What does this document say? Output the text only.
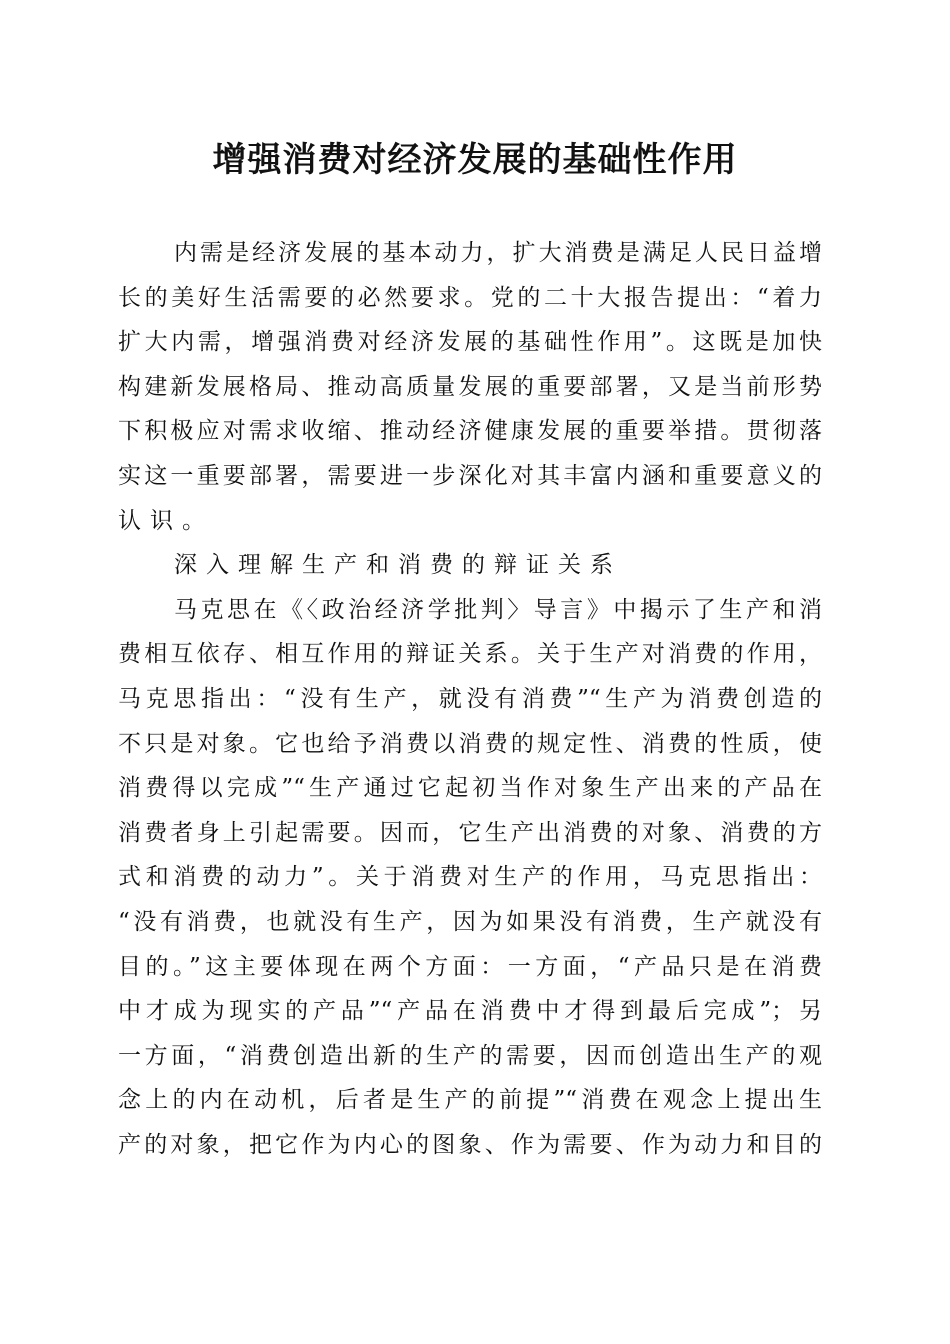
增强消费对经济发展的基础性作用
内需是经济发展的基本动力，扩大消费是满足人民日益增
长的美好生活需要的必然要求。党的二十大报告提出：“着力
扩大内需，增强消费对经济发展的基础性作用”。这既是加快
构建新发展格局、推动高质量发展的重要部署，又是当前形势
下积极应对需求收缩、推动经济健康发展的重要举措。贯彻落
实这一重要部署，需要进一步深化对其丰富内涵和重要意义的
认识。
深入理解生产和消费的辩证关系
马克思在《〈政治经济学批判〉导言》中揭示了生产和消
费相互依存、相互作用的辩证关系。关于生产对消费的作用，
马克思指出：“没有生产，就没有消费”“生产为消费创造的
不只是对象。它也给予消费以消费的规定性、消费的性质，使
消费得以完成”“生产通过它起初当作对象生产出来的产品在
消费者身上引起需要。因而，它生产出消费的对象、消费的方
式和消费的动力”。关于消费对生产的作用，马克思指出：
“没有消费，也就没有生产，因为如果没有消费，生产就没有
目的。”这主要体现在两个方面：一方面，“产品只是在消费
中才成为现实的产品”“产品在消费中才得到最后完成”；另
一方面，“消费创造出新的生产的需要，因而创造出生产的观
念上的内在动机，后者是生产的前提”“消费在观念上提出生
产的对象，把它作为内心的图象、作为需要、作为动力和目的
